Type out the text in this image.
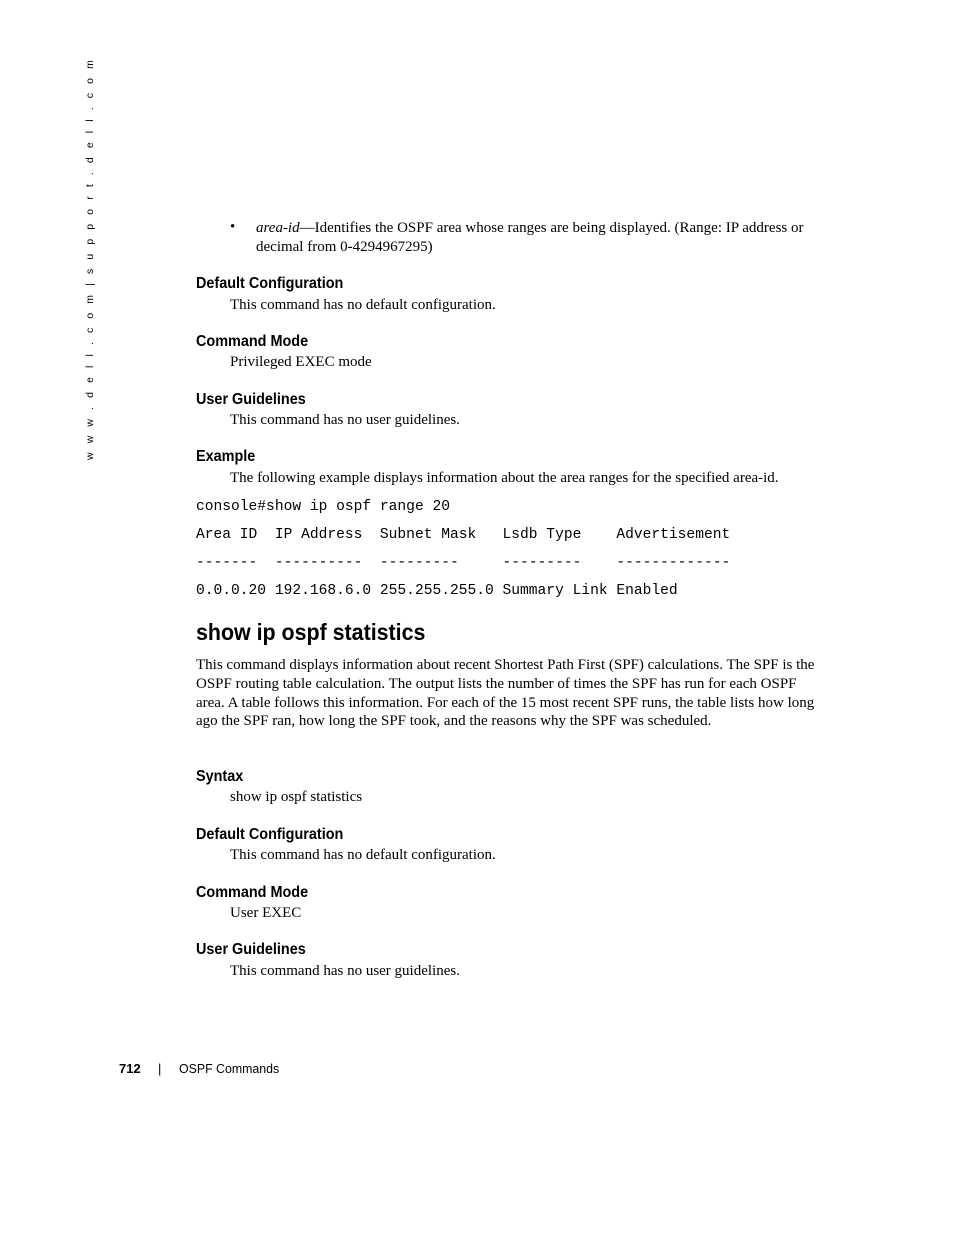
w w w . d e l l . c o m | s u p p o r t . d e l l . c o m	• area-id—Identifies the OSPF area whose ranges are being displayed. (Range: IP address or decimal from 0-4294967295)
Default Configuration
This command has no default configuration.
Command Mode
Privileged EXEC mode
User Guidelines
This command has no user guidelines.
Example
The following example displays information about the area ranges for the specified area-id.
console#show ip ospf range 20
Area ID  IP Address  Subnet Mask   Lsdb Type    Advertisement
-------  ----------  ---------     ---------    -------------
0.0.0.20 192.168.6.0 255.255.255.0 Summary Link Enabled
show ip ospf statistics
This command displays information about recent Shortest Path First (SPF) calculations. The SPF is the OSPF routing table calculation. The output lists the number of times the SPF has run for each OSPF area. A table follows this information. For each of the 15 most recent SPF runs, the table lists how long ago the SPF ran, how long the SPF took, and the reasons why the SPF was scheduled.
Syntax
show ip ospf statistics
Default Configuration
This command has no default configuration.
Command Mode
User EXEC
User Guidelines
This command has no user guidelines.
712 | OSPF Commands
